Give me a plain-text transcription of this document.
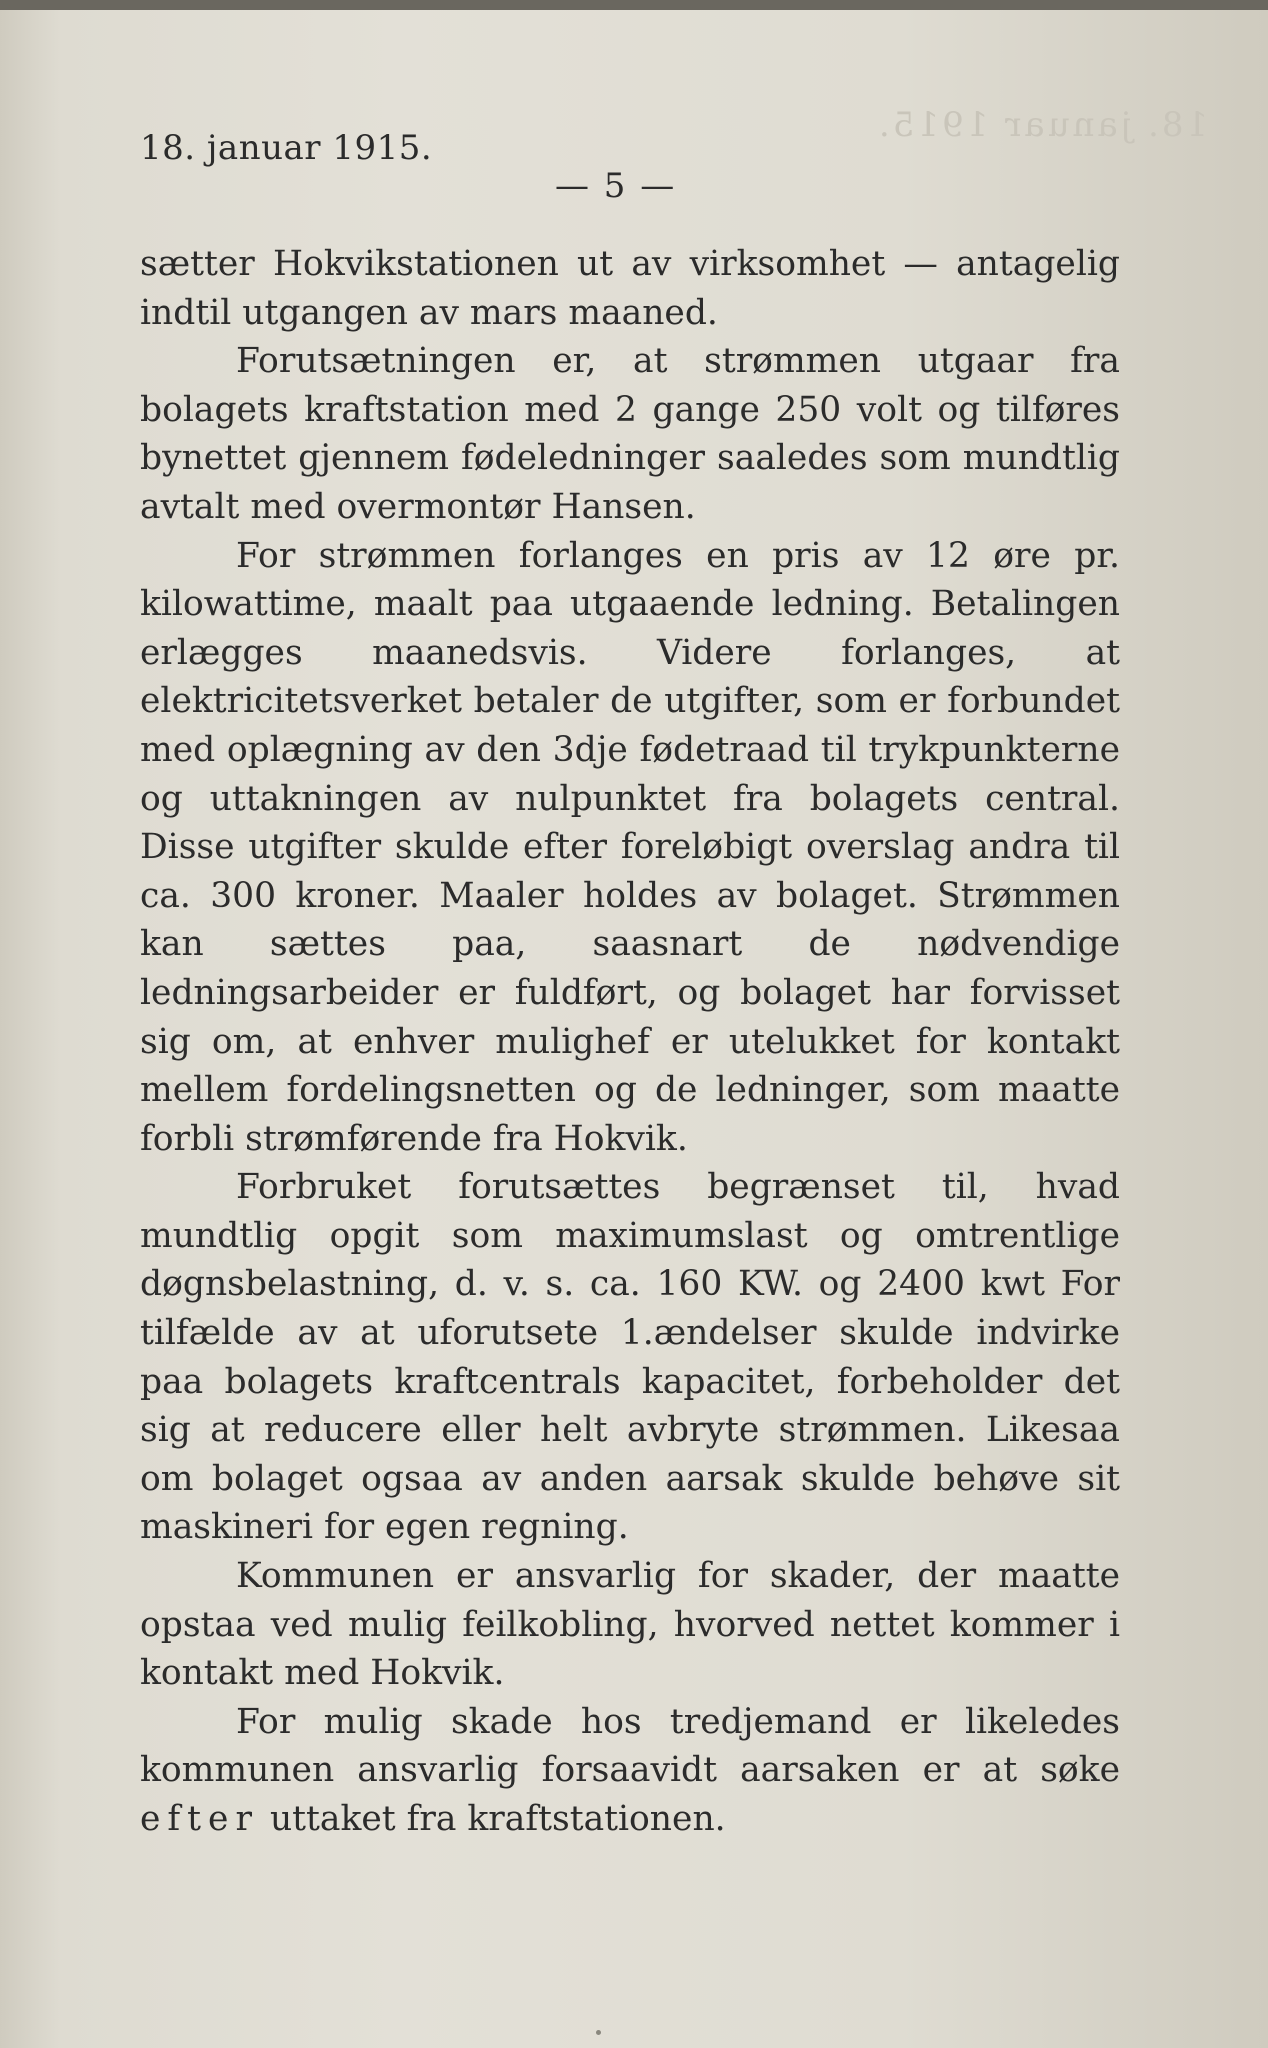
18. januar 1915.
18. januar 1915.
— 5 —

sætter Hokvikstationen ut av virksomhet — antagelig indtil utgangen av mars maaned.

Forutsætningen er, at strømmen utgaar fra bolagets kraftstation med 2 gange 250 volt og tilføres bynettet gjennem fødeledninger saaledes som mundtlig avtalt med overmontør Hansen.

For strømmen forlanges en pris av 12 øre pr. kilowattime, maalt paa utgaaende ledning. Betalingen erlægges maanedsvis. Videre forlanges, at elektricitetsverket betaler de utgifter, som er forbundet med oplægning av den 3dje fødetraad til trykpunkterne og uttakningen av nulpunktet fra bolagets central. Disse utgifter skulde efter foreløbigt overslag andra til ca. 300 kroner. Maaler holdes av bolaget. Strømmen kan sættes paa, saasnart de nødvendige ledningsarbeider er fuldført, og bolaget har forvisset sig om, at enhver mulighef er utelukket for kontakt mellem fordelingsnetten og de ledninger, som maatte forbli strømførende fra Hokvik.

Forbruket forutsættes begrænset til, hvad mundtlig opgit som maximumslast og omtrentlige døgnsbelastning, d. v. s. ca. 160 KW. og 2400 kwt For tilfælde av at uforutsete 1.ændelser skulde indvirke paa bolagets kraftcentrals kapacitet, forbeholder det sig at reducere eller helt avbryte strømmen. Likesaa om bolaget ogsaa av anden aarsak skulde behøve sit maskineri for egen regning.

Kommunen er ansvarlig for skader, der maatte opstaa ved mulig feilkobling, hvorved nettet kommer i kontakt med Hokvik.

For mulig skade hos tredjemand er likeledes kommunen ansvarlig forsaavidt aarsaken er at søke efter uttaket fra kraftstationen.
